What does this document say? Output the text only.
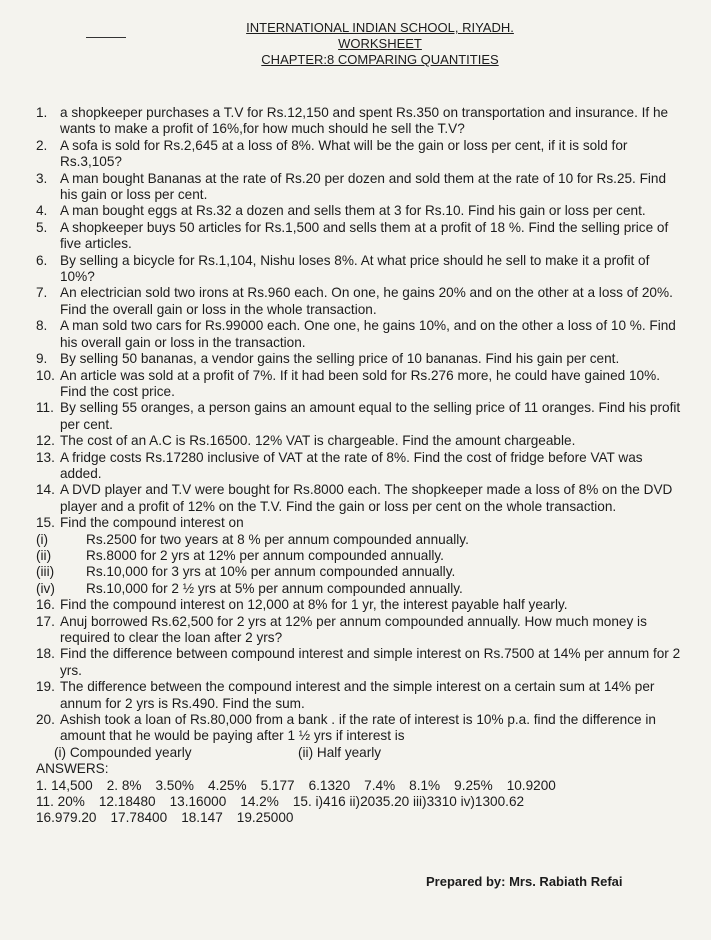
INTERNATIONAL INDIAN SCHOOL, RIYADH.
WORKSHEET
CHAPTER:8 COMPARING QUANTITIES
1. a shopkeeper purchases a T.V for Rs.12,150 and spent Rs.350 on transportation and insurance. If he wants to make a profit of 16%,for how much should he sell the T.V?
2. A sofa is sold for Rs.2,645 at a loss of 8%. What will be the gain or loss per cent, if it is sold for Rs.3,105?
3. A man bought Bananas at the rate of Rs.20 per dozen and sold them at the rate of 10 for Rs.25. Find his gain or loss per cent.
4. A man bought eggs at Rs.32 a dozen and sells them at 3 for Rs.10. Find his gain or loss per cent.
5. A shopkeeper buys 50 articles for Rs.1,500 and sells them at a profit of 18 %. Find the selling price of five articles.
6. By selling a bicycle for Rs.1,104, Nishu loses 8%. At what price should he sell to make it a profit of 10%?
7. An electrician sold two irons at Rs.960 each. On one, he gains 20% and on the other at a loss of 20%. Find the overall gain or loss in the whole transaction.
8. A man sold two cars for Rs.99000 each. One one, he gains 10%, and on the other a loss of 10 %. Find his overall gain or loss in the transaction.
9. By selling 50 bananas, a vendor gains the selling price of 10 bananas. Find his gain per cent.
10. An article was sold at a profit of 7%. If it had been sold for Rs.276 more, he could have gained 10%. Find the cost price.
11. By selling 55 oranges, a person gains an amount equal to the selling price of 11 oranges. Find his profit per cent.
12. The cost of an A.C is Rs.16500. 12% VAT is chargeable. Find the amount chargeable.
13. A fridge costs Rs.17280 inclusive of VAT at the rate of 8%. Find the cost of fridge before VAT was added.
14. A DVD player and T.V were bought for Rs.8000 each. The shopkeeper made a loss of 8% on the DVD player and a profit of 12% on the T.V. Find the gain or loss per cent on the whole transaction.
15. Find the compound interest on
(i)	Rs.2500 for two years at 8 % per annum compounded annually.
(ii)	Rs.8000 for 2 yrs at 12% per annum compounded annually.
(iii)	Rs.10,000 for 3 yrs at 10% per annum compounded annually.
(iv)	Rs.10,000 for 2 ½ yrs at 5% per annum compounded annually.
16. Find the compound interest on 12,000 at 8% for 1 yr, the interest payable half yearly.
17. Anuj borrowed Rs.62,500 for 2 yrs at 12% per annum compounded annually. How much money is required to clear the loan after 2 yrs?
18. Find the difference between compound interest and simple interest on Rs.7500 at 14% per annum for 2 yrs.
19. The difference between the compound interest and the simple interest on a certain sum at 14% per annum for 2 yrs is Rs.490. Find the sum.
20. Ashish took a loan of Rs.80,000 from a bank . if the rate of interest is 10% p.a. find the difference in amount that he would be paying after 1 ½ yrs if interest is
(i) Compounded yearly	(ii) Half yearly
ANSWERS:
1. 14,500 2. 8% 3.50% 4.25% 5.177 6.1320 7.4% 8.1% 9.25% 10.9200
11. 20% 12.18480 13.16000 14.2% 15. i)416 ii)2035.20 iii)3310 iv)1300.62
16.979.20 17.78400 18.147 19.25000
Prepared by: Mrs. Rabiath Refai
